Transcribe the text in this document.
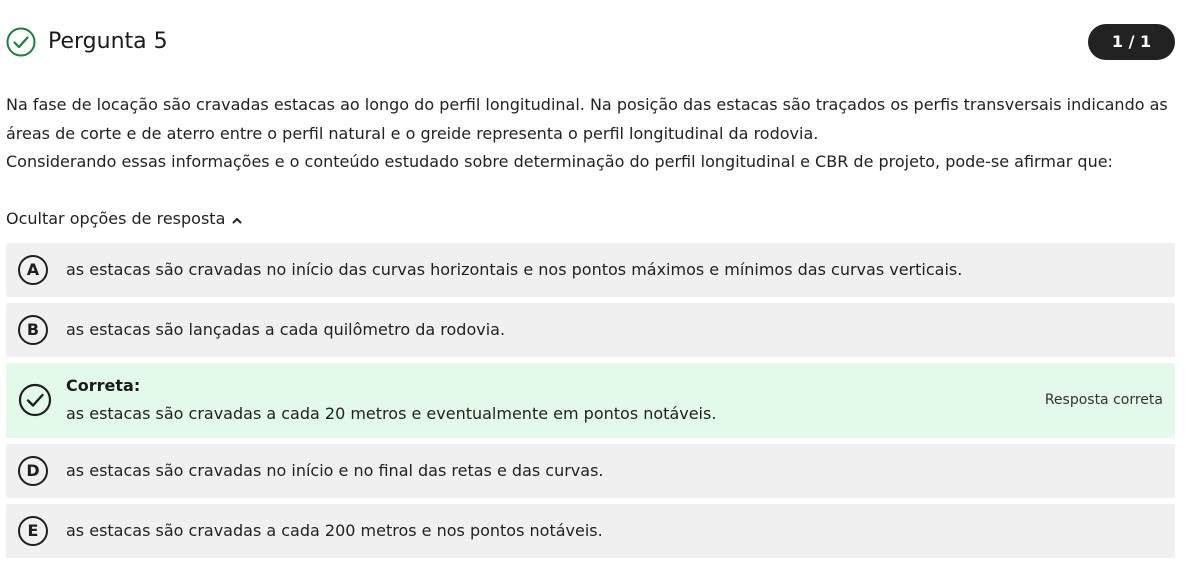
Pergunta 5	1 / 1

Na fase de locação são cravadas estacas ao longo do perfil longitudinal. Na posição das estacas são traçados os perfis transversais indicando as

áreas de corte e de aterro entre o perfil natural e o greide representa o perfil longitudinal da rodovia.

Considerando essas informações e o conteúdo estudado sobre determinação do perfil longitudinal e CBR de projeto, pode-se afirmar que:

Ocultar opções de resposta
A	as estacas são cravadas no início das curvas horizontais e nos pontos máximos e mínimos das curvas verticais.
B	as estacas são lançadas a cada quilômetro da rodovia.
Correta:
as estacas são cravadas a cada 20 metros e eventualmente em pontos notáveis.
Resposta correta
D	as estacas são cravadas no início e no final das retas e das curvas.
E	as estacas são cravadas a cada 200 metros e nos pontos notáveis.
